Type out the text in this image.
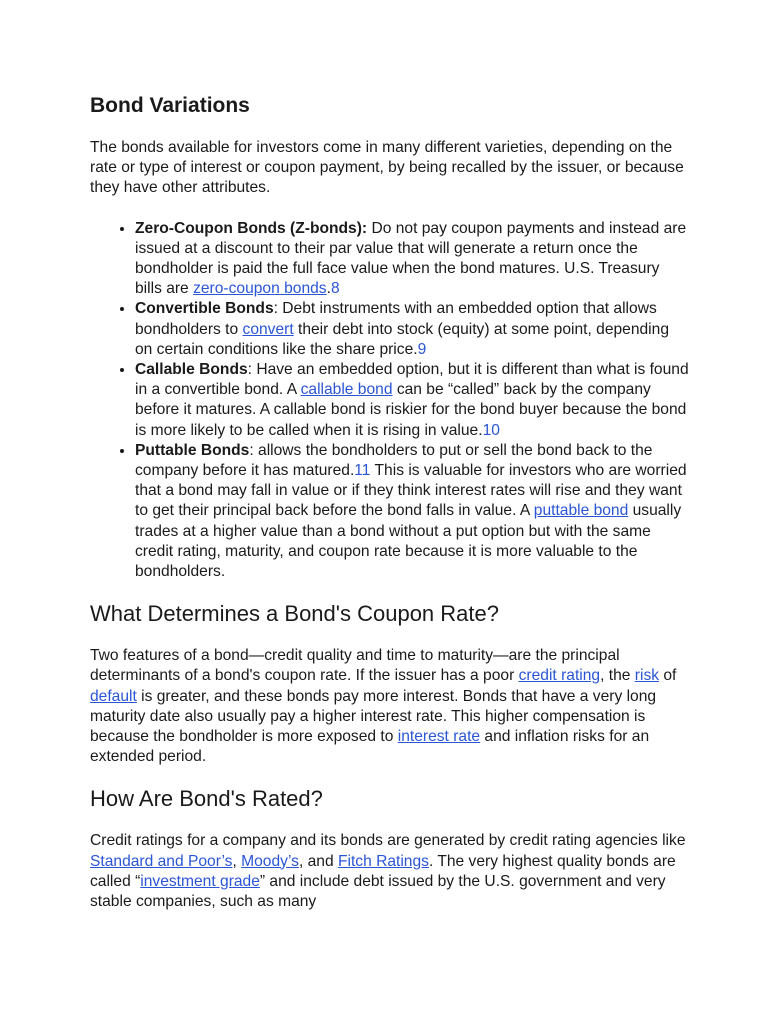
Bond Variations

The bonds available for investors come in many different varieties, depending on the rate or type of interest or coupon payment, by being recalled by the issuer, or because they have other attributes.

• Zero-Coupon Bonds (Z-bonds): Do not pay coupon payments and instead are issued at a discount to their par value that will generate a return once the bondholder is paid the full face value when the bond matures. U.S. Treasury bills are zero-coupon bonds.8
• Convertible Bonds: Debt instruments with an embedded option that allows bondholders to convert their debt into stock (equity) at some point, depending on certain conditions like the share price.9
• Callable Bonds: Have an embedded option, but it is different than what is found in a convertible bond. A callable bond can be “called” back by the company before it matures. A callable bond is riskier for the bond buyer because the bond is more likely to be called when it is rising in value.10
• Puttable Bonds: allows the bondholders to put or sell the bond back to the company before it has matured.11 This is valuable for investors who are worried that a bond may fall in value or if they think interest rates will rise and they want to get their principal back before the bond falls in value. A puttable bond usually trades at a higher value than a bond without a put option but with the same credit rating, maturity, and coupon rate because it is more valuable to the bondholders.
What Determines a Bond's Coupon Rate?

Two features of a bond—credit quality and time to maturity—are the principal determinants of a bond's coupon rate. If the issuer has a poor credit rating, the risk of default is greater, and these bonds pay more interest. Bonds that have a very long maturity date also usually pay a higher interest rate. This higher compensation is because the bondholder is more exposed to interest rate and inflation risks for an extended period.

How Are Bond's Rated?

Credit ratings for a company and its bonds are generated by credit rating agencies like Standard and Poor’s, Moody’s, and Fitch Ratings. The very highest quality bonds are called “investment grade” and include debt issued by the U.S. government and very stable companies, such as many
